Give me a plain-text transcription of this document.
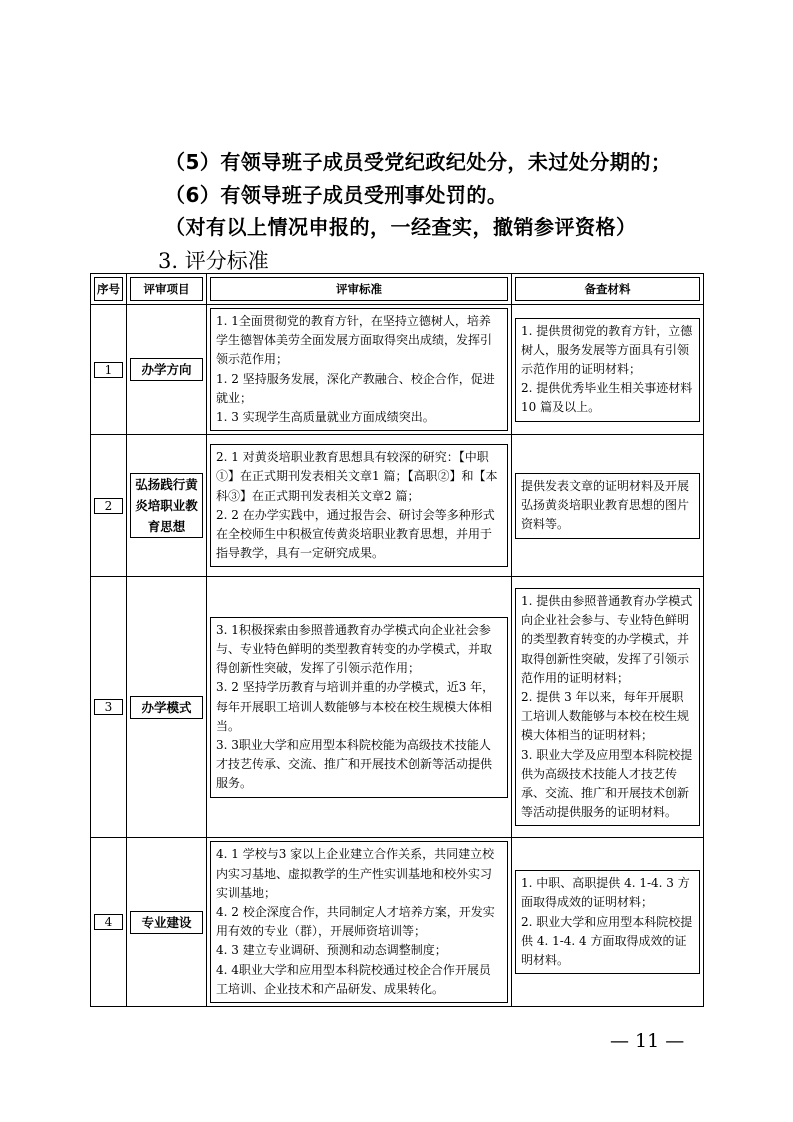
（5）有领导班子成员受党纪政纪处分，未过处分期的；
（6）有领导班子成员受刑事处罚的。
（对有以上情况申报的，一经查实，撤销参评资格）
3. 评分标准
序号	评审项目	评审标准	备查材料

1	办学方向	1. 1全面贯彻党的教育方针，在坚持立德树人，培养学生德智体美劳全面发展方面取得突出成绩，发挥引领示范作用；
1. 2 坚持服务发展，深化产教融合、校企合作，促进就业；
1. 3 实现学生高质量就业方面成绩突出。	1. 提供贯彻党的教育方针，立德树人，服务发展等方面具有引领示范作用的证明材料；
2. 提供优秀毕业生相关事迹材料 10 篇及以上。

2	弘扬践行黄炎培职业教育思想	2. 1 对黄炎培职业教育思想具有较深的研究：【中职①】在正式期刊发表相关文章1 篇；【高职②】和【本科③】在正式期刊发表相关文章2 篇；
2. 2 在办学实践中，通过报告会、研讨会等多种形式在全校师生中积极宣传黄炎培职业教育思想，并用于指导教学，具有一定研究成果。	提供发表文章的证明材料及开展弘扬黄炎培职业教育思想的图片资料等。

3	办学模式	3. 1积极探索由参照普通教育办学模式向企业社会参与、专业特色鲜明的类型教育转变的办学模式，并取得创新性突破，发挥了引领示范作用；
3. 2 坚持学历教育与培训并重的办学模式，近3 年，每年开展职工培训人数能够与本校在校生规模大体相当。
3. 3职业大学和应用型本科院校能为高级技术技能人才技艺传承、交流、推广和开展技术创新等活动提供服务。	1. 提供由参照普通教育办学模式向企业社会参与、专业特色鲜明的类型教育转变的办学模式，并取得创新性突破，发挥了引领示范作用的证明材料；
2. 提供 3 年以来，每年开展职工培训人数能够与本校在校生规模大体相当的证明材料；
3. 职业大学及应用型本科院校提供为高级技术技能人才技艺传承、交流、推广和开展技术创新等活动提供服务的证明材料。

4	专业建设	4. 1 学校与3 家以上企业建立合作关系，共同建立校内实习基地、虚拟教学的生产性实训基地和校外实习实训基地；
4. 2 校企深度合作，共同制定人才培养方案，开发实用有效的专业（群），开展师资培训等；
4. 3 建立专业调研、预测和动态调整制度；
4. 4职业大学和应用型本科院校通过校企合作开展员工培训、企业技术和产品研发、成果转化。	1. 中职、高职提供 4. 1-4. 3 方面取得成效的证明材料；
2. 职业大学和应用型本科院校提供 4. 1-4. 4 方面取得成效的证明材料。
— 11 —
